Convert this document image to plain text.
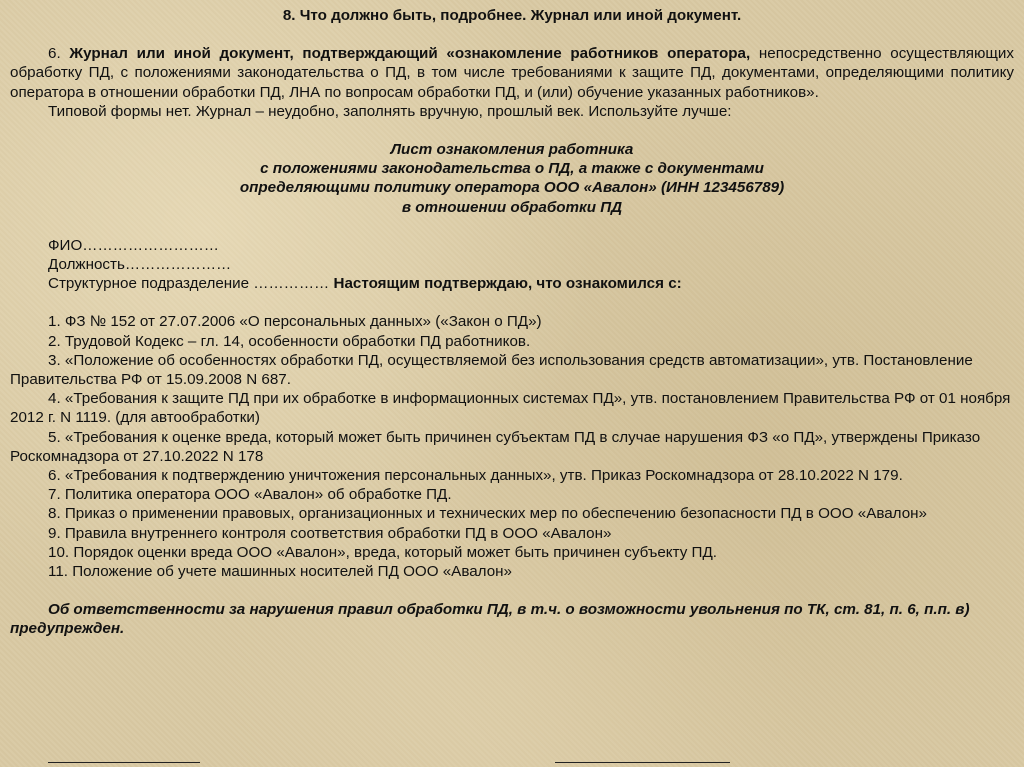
8. Что должно быть, подробнее. Журнал или иной документ.

6. Журнал или иной документ, подтверждающий «ознакомление работников оператора, непосредственно осуществляющих обработку ПД, с положениями законодательства о ПД, в том числе требованиями к защите ПД, документами, определяющими политику оператора в отношении обработки ПД, ЛНА по вопросам обработки ПД, и (или) обучение указанных работников».

Типовой формы нет. Журнал – неудобно, заполнять вручную, прошлый век. Используйте лучше:

Лист ознакомления работника

с положениями законодательства о ПД, а также с документами

определяющими политику оператора ООО «Авалон» (ИНН 123456789)

в отношении обработки ПД

ФИО………………………

Должность…………………

Структурное подразделение …………… Настоящим подтверждаю, что ознакомился с:

1. ФЗ № 152 от 27.07.2006 «О персональных данных» («Закон о ПД»)

2. Трудовой Кодекс – гл. 14, особенности обработки ПД работников.

3. «Положение об особенностях обработки ПД, осуществляемой без использования средств автоматизации», утв. Постановление Правительства РФ от 15.09.2008 N 687.

4. «Требования к защите ПД при их обработке в информационных системах ПД», утв. постановлением Правительства РФ от 01 ноября 2012 г. N 1119. (для автообработки)

5. «Требования к оценке вреда, который может быть причинен субъектам ПД в случае нарушения ФЗ «о ПД», утверждены Приказо Роскомнадзора от 27.10.2022 N 178

6. «Требования к подтверждению уничтожения персональных данных», утв. Приказ Роскомнадзора от 28.10.2022 N 179.

7. Политика оператора ООО «Авалон» об обработке ПД.

8. Приказ о применении правовых, организационных и технических мер по обеспечению безопасности ПД в ООО «Авалон»

9. Правила внутреннего контроля соответствия обработки ПД в ООО «Авалон»

10. Порядок оценки вреда ООО «Авалон», вреда, который может быть причинен субъекту ПД.

11. Положение об учете машинных носителей ПД ООО «Авалон»

Об ответственности за нарушения правил обработки ПД, в т.ч. о возможности увольнения по ТК, ст. 81, п. 6, п.п. в) предупрежден.
